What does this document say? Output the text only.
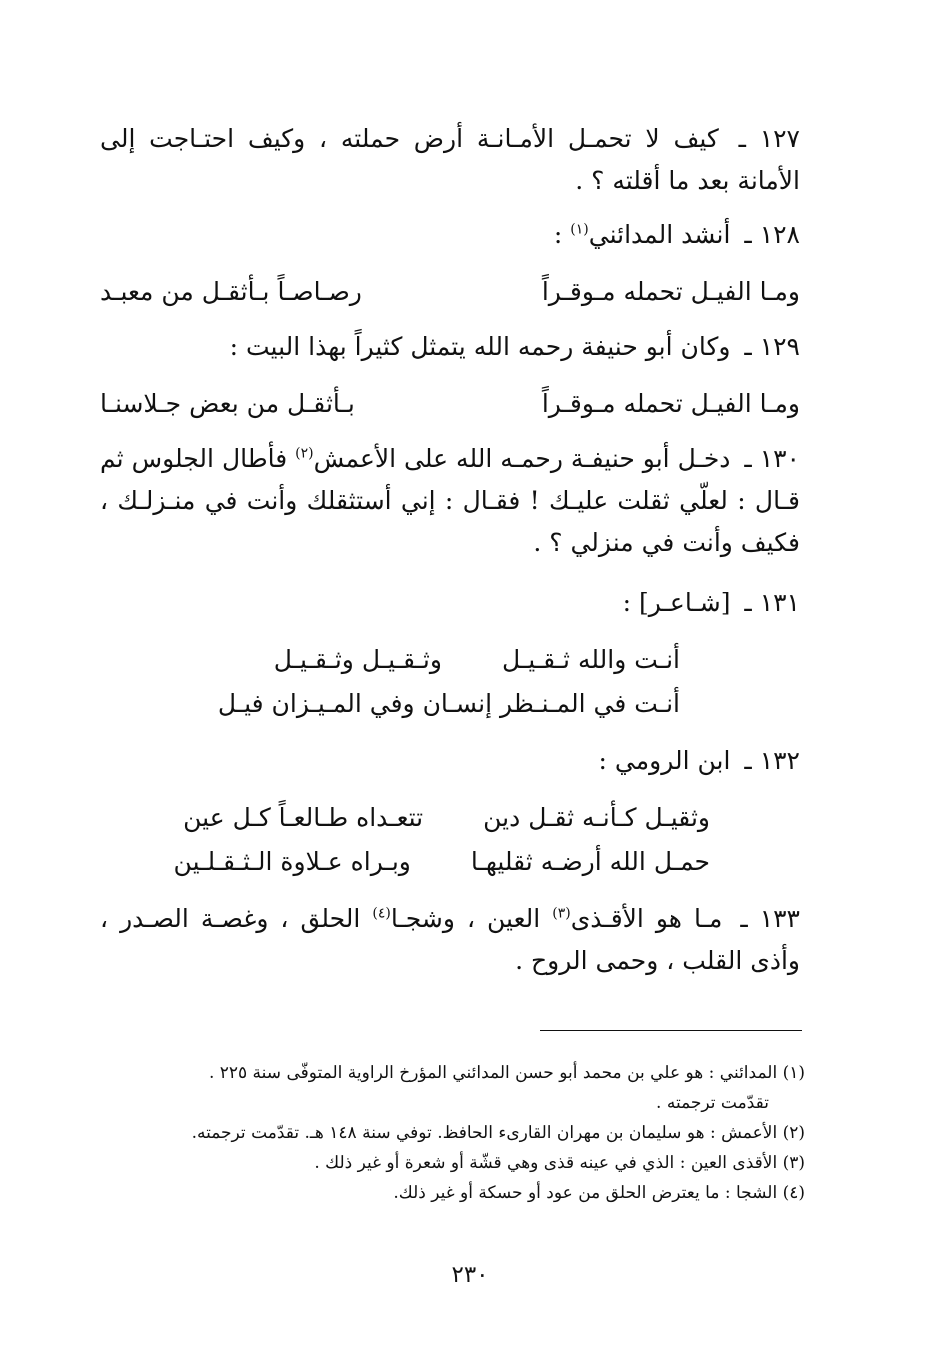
١٢٧ ـ كيف لا تحمـل الأمـانـة أرض حملته ، وكيف احتـاجت إلى الأمانة بعد ما أقلته ؟ .

١٢٨ ـ أنشد المدائني$^{(١)}$ :

ومـا الفيـل تحمله مـوقـراً
رصـاصـاً بـأثقـل من معبـد

١٢٩ ـ وكان أبو حنيفة رحمه الله يتمثل كثيراً بهذا البيت :

ومـا الفيـل تحمله مـوقـراً
بـأثقـل من بعض جـلاسنـا

١٣٠ ـ دخـل أبو حنيفـة رحمـه الله على الأعمش$^{(٢)}$ فأطال الجلوس ثم قـال : لعلّي ثقلت عليـك ! فقـال : إني أستثقلك وأنت في منـزلـك ، فكيف وأنت في منزلي ؟ .

١٣١ ـ [شـاعـر] :

أنـت والله ثـقـيـل
وثـقـيـل وثـقـيـل
أنـت في المـنـظر إنسـان وفي المـيـزان فيـل

١٣٢ ـ ابن الرومي :

وثقيـل كـأنـه ثقـل دين
تتعـداه طـالعـاً كـل عين
حمـل الله أرضـه ثقليهـا
وبـراه عـلاوة الـثـقـلـين

١٣٣ ـ مـا هو الأقـذى$^{(٣)}$ العين ، وشجـا$^{(٤)}$ الحلق ، وغصـة الصـدر ، وأذى القلب ، وحمى الروح .

(١) المدائني : هو علي بن محمد أبو حسن المدائني المؤرخ الراوية المتوفّى سنة ٢٢٥ .

تقدّمت ترجمته .

(٢) الأعمش : هو سليمان بن مهران القارىء الحافظ. توفي سنة ١٤٨ هـ. تقدّمت ترجمته.

(٣) الأقذى العين : الذي في عينه قذى وهي قشّة أو شعرة أو غير ذلك .

(٤) الشجا : ما يعترض الحلق من عود أو حسكة أو غير ذلك.

٢٣٠
